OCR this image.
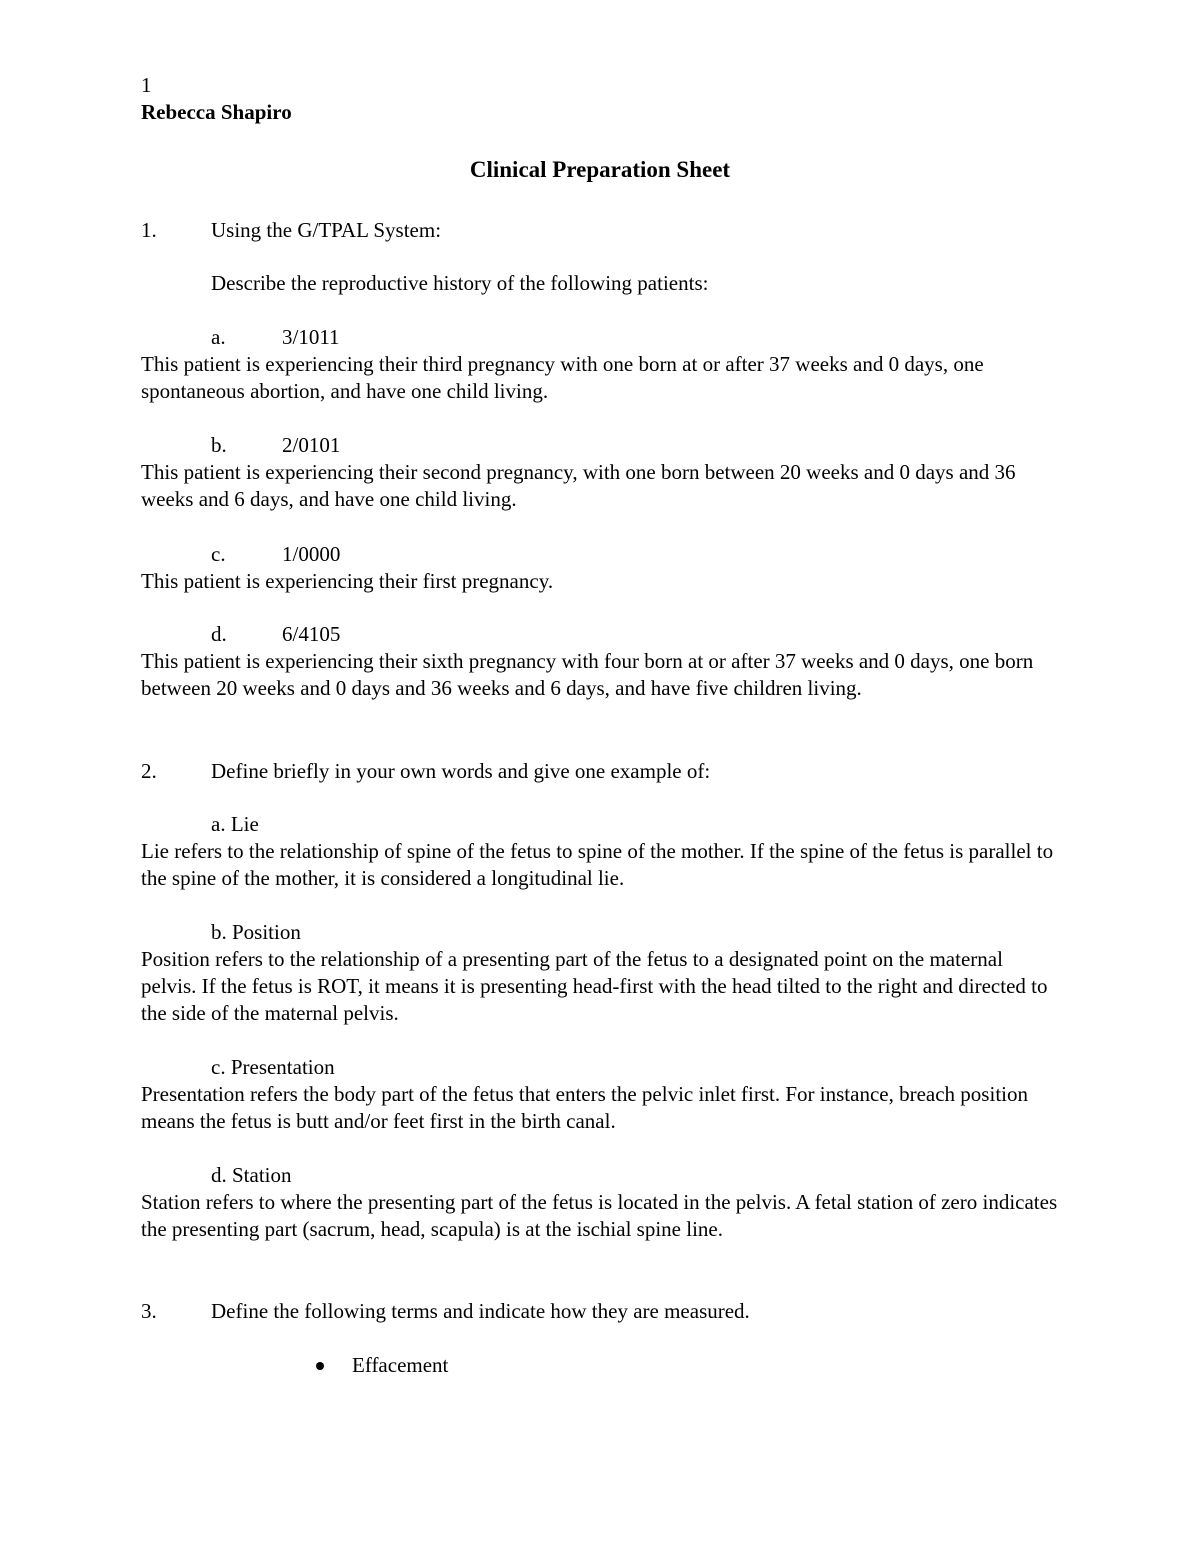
1
Rebecca Shapiro
Clinical Preparation Sheet
1.	Using the G/TPAL System:
Describe the reproductive history of the following patients:
a.	3/1011
This patient is experiencing their third pregnancy with one born at or after 37 weeks and 0 days, one spontaneous abortion, and have one child living.
b.	2/0101
This patient is experiencing their second pregnancy, with one born between 20 weeks and 0 days and 36 weeks and 6 days, and have one child living.
c.	1/0000
This patient is experiencing their first pregnancy.
d.	6/4105
This patient is experiencing their sixth pregnancy with four born at or after 37 weeks and 0 days, one born between 20 weeks and 0 days and 36 weeks and 6 days, and have five children living.
2.	Define briefly in your own words and give one example of:
a. Lie
Lie refers to the relationship of spine of the fetus to spine of the mother. If the spine of the fetus is parallel to the spine of the mother, it is considered a longitudinal lie.
b. Position
Position refers to the relationship of a presenting part of the fetus to a designated point on the maternal pelvis. If the fetus is ROT, it means it is presenting head-first with the head tilted to the right and directed to the side of the maternal pelvis.
c. Presentation
Presentation refers the body part of the fetus that enters the pelvic inlet first. For instance, breach position means the fetus is butt and/or feet first in the birth canal.
d. Station
Station refers to where the presenting part of the fetus is located in the pelvis. A fetal station of zero indicates the presenting part (sacrum, head, scapula) is at the ischial spine line.
3.	Define the following terms and indicate how they are measured.
Effacement
